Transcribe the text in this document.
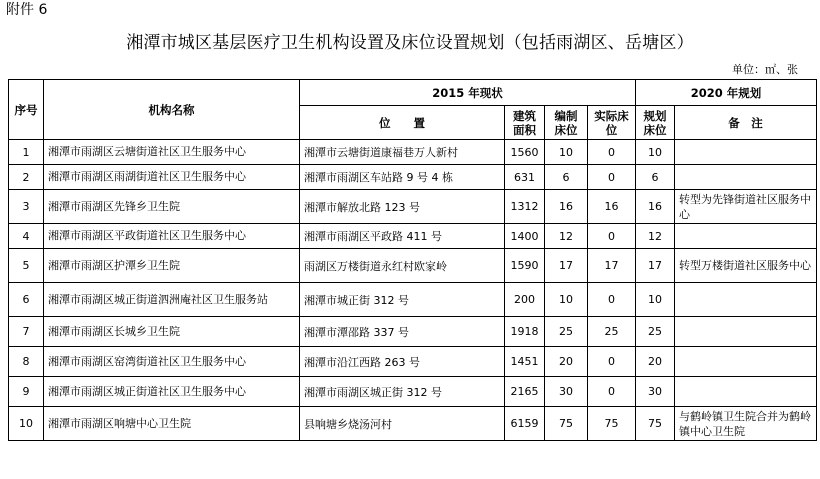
附件 6
湘潭市城区基层医疗卫生机构设置及床位设置规划（包括雨湖区、岳塘区）
单位：㎡、张
序号	机构名称	2015 年现状				2020 年规划	
		位　　置	建筑面积	编制床位	实际床位	规划床位	备　注
1	湘潭市雨湖区云塘街道社区卫生服务中心	湘潭市云塘街道康福巷万人新村	1560	10	0	10	
2	湘潭市雨湖区雨湖街道社区卫生服务中心	湘潭市雨湖区车站路 9 号 4 栋	631	6	0	6	
3	湘潭市雨湖区先锋乡卫生院	湘潭市解放北路 123 号	1312	16	16	16	转型为先锋街道社区服务中心
4	湘潭市雨湖区平政街道社区卫生服务中心	湘潭市雨湖区平政路 411 号	1400	12	0	12	
5	湘潭市雨湖区护潭乡卫生院	雨湖区万楼街道永红村欧家岭	1590	17	17	17	转型万楼街道社区服务中心
6	湘潭市雨湖区城正街道泗洲庵社区卫生服务站	湘潭市城正街 312 号	200	10	0	10	
7	湘潭市雨湖区长城乡卫生院	湘潭市潭邵路 337 号	1918	25	25	25	
8	湘潭市雨湖区窑湾街道社区卫生服务中心	湘潭市沿江西路 263 号	1451	20	0	20	
9	湘潭市雨湖区城正街道社区卫生服务中心	湘潭市雨湖区城正街 312 号	2165	30	0	30	
10	湘潭市雨湖区响塘中心卫生院	县响塘乡烧汤河村	6159	75	75	75	与鹤岭镇卫生院合并为鹤岭镇中心卫生院
